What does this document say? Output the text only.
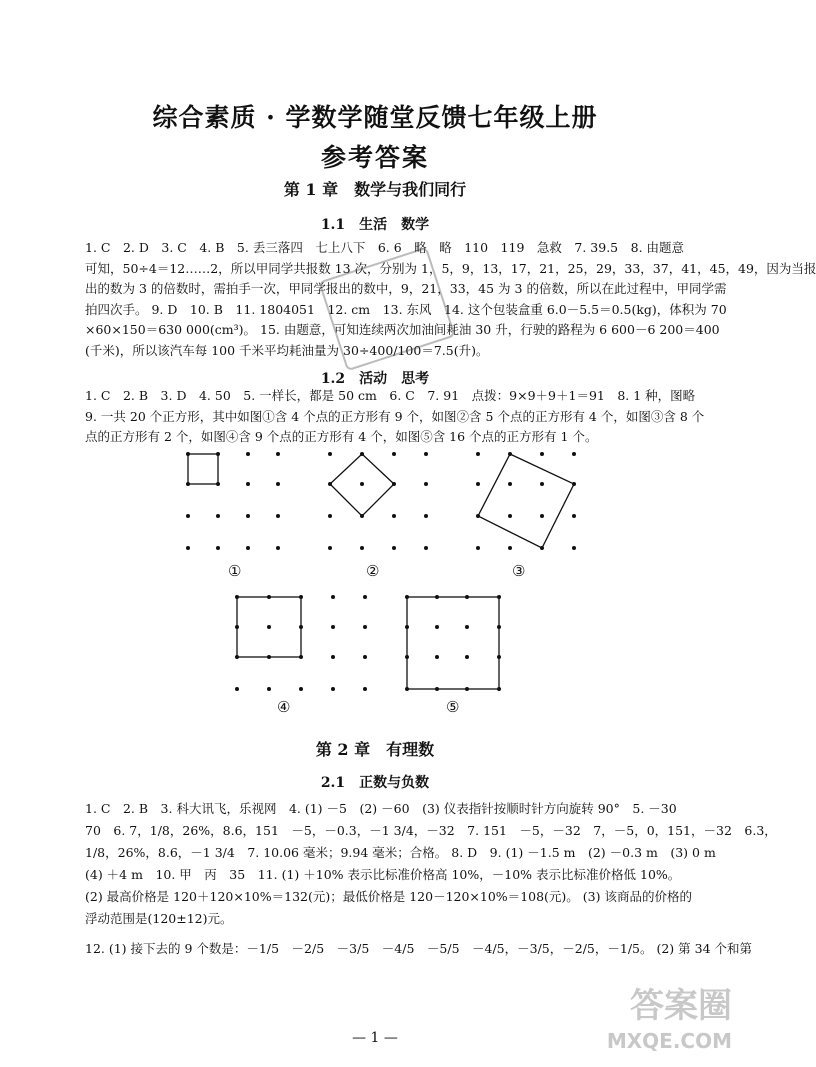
综合素质 · 学数学随堂反馈七年级上册
参考答案
第 1 章　数学与我们同行
1.1　生活　数学
1. C　2. D　3. C　4. B　5. 丢三落四　七上八下　6. 6　略　略　110　119　急救　7. 39.5　8. 由题意
可知，50÷4＝12……2，所以甲同学共报数 13 次，分别为 1，5，9，13，17，21，25，29，33，37，41，45，49，因为当报
出的数为 3 的倍数时，需拍手一次，甲同学报出的数中，9，21，33，45 为 3 的倍数，所以在此过程中，甲同学需
拍四次手。 9. D　10. B　11. 1804051　12. cm　13. 东风　14. 这个包装盒重 6.0－5.5＝0.5(kg)，体积为 70
×60×150＝630 000(cm³)。 15. 由题意，可知连续两次加油间耗油 30 升，行驶的路程为 6 600－6 200＝400
(千米)，所以该汽车每 100 千米平均耗油量为 30÷400/100＝7.5(升)。
1.2　活动　思考
1. C　2. B　3. D　4. 50　5. 一样长，都是 50 cm　6. C　7. 91　点拨：9×9＋9＋1＝91　8. 1 种，图略
9. 一共 20 个正方形，其中如图①含 4 个点的正方形有 9 个，如图②含 5 个点的正方形有 4 个，如图③含 8 个
点的正方形有 2 个，如图④含 9 个点的正方形有 4 个，如图⑤含 16 个点的正方形有 1 个。
①	②	③
④	⑤
第 2 章　有理数
2.1　正数与负数
1. C　2. B　3. 科大讯飞，乐视网　4. (1) －5　(2) －60　(3) 仪表指针按顺时针方向旋转 90°　5. －30
70　6. 7，1/8，26%，8.6，151　－5，－0.3，－1 3/4，－32　7. 151　－5，－32　7，－5，0，151，－32　6.3，
1/8，26%，8.6，－1 3/4　7. 10.06 毫米；9.94 毫米；合格。 8. D　9. (1) －1.5 m　(2) －0.3 m　(3) 0 m
(4) ＋4 m　10. 甲　丙　35　11. (1) ＋10% 表示比标准价格高 10%，－10% 表示比标准价格低 10%。
(2) 最高价格是 120＋120×10%＝132(元)；最低价格是 120－120×10%＝108(元)。 (3) 该商品的价格的
浮动范围是(120±12)元。
12. (1) 接下去的 9 个数是：－1/5　－2/5　－3/5　－4/5　－5/5　－4/5，－3/5，－2/5，－1/5。 (2) 第 34 个和第
— 1 —
答案圈
MXQE.COM
